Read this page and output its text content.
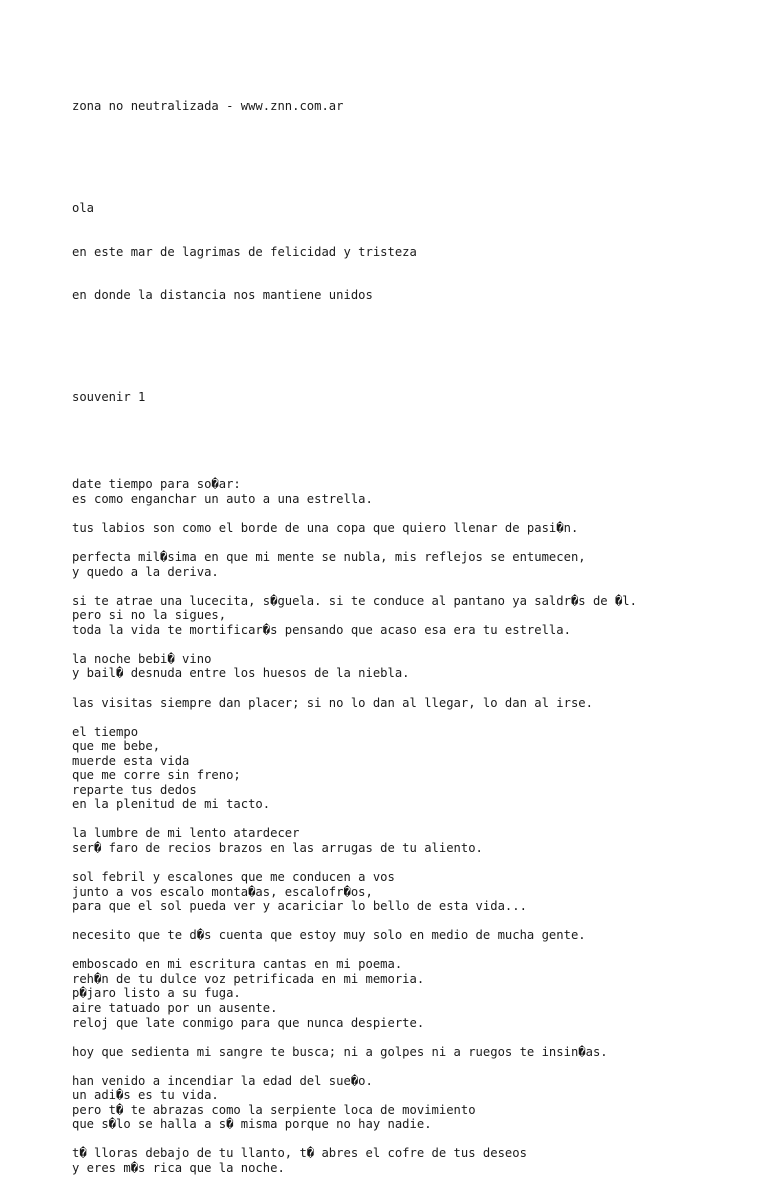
zona no neutralizada - www.znn.com.ar

ola

en este mar de lagrimas de felicidad y tristeza

en donde la distancia nos mantiene unidos

souvenir 1

date tiempo para so�ar:
es como enganchar un auto a una estrella.
tus labios son como el borde de una copa que quiero llenar de pasi�n.
perfecta mil�sima en que mi mente se nubla, mis reflejos se entumecen,
y quedo a la deriva.
si te atrae una lucecita, s�guela. si te conduce al pantano ya saldr�s de �l.
pero si no la sigues,
toda la vida te mortificar�s pensando que acaso esa era tu estrella.
la noche bebi� vino
y bail� desnuda entre los huesos de la niebla.
las visitas siempre dan placer; si no lo dan al llegar, lo dan al irse.
el tiempo
que me bebe,
muerde esta vida
que me corre sin freno;
reparte tus dedos
en la plenitud de mi tacto.
la lumbre de mi lento atardecer
ser� faro de recios brazos en las arrugas de tu aliento.
sol febril y escalones que me conducen a vos
junto a vos escalo monta�as, escalofr�os,
para que el sol pueda ver y acariciar lo bello de esta vida...
necesito que te d�s cuenta que estoy muy solo en medio de mucha gente.
emboscado en mi escritura cantas en mi poema.
reh�n de tu dulce voz petrificada en mi memoria.
p�jaro listo a su fuga.
aire tatuado por un ausente.
reloj que late conmigo para que nunca despierte.
hoy que sedienta mi sangre te busca; ni a golpes ni a ruegos te insin�as.
han venido a incendiar la edad del sue�o.
un adi�s es tu vida.
pero t� te abrazas como la serpiente loca de movimiento
que s�lo se halla a s� misma porque no hay nadie.
t� lloras debajo de tu llanto, t� abres el cofre de tus deseos
y eres m�s rica que la noche.
